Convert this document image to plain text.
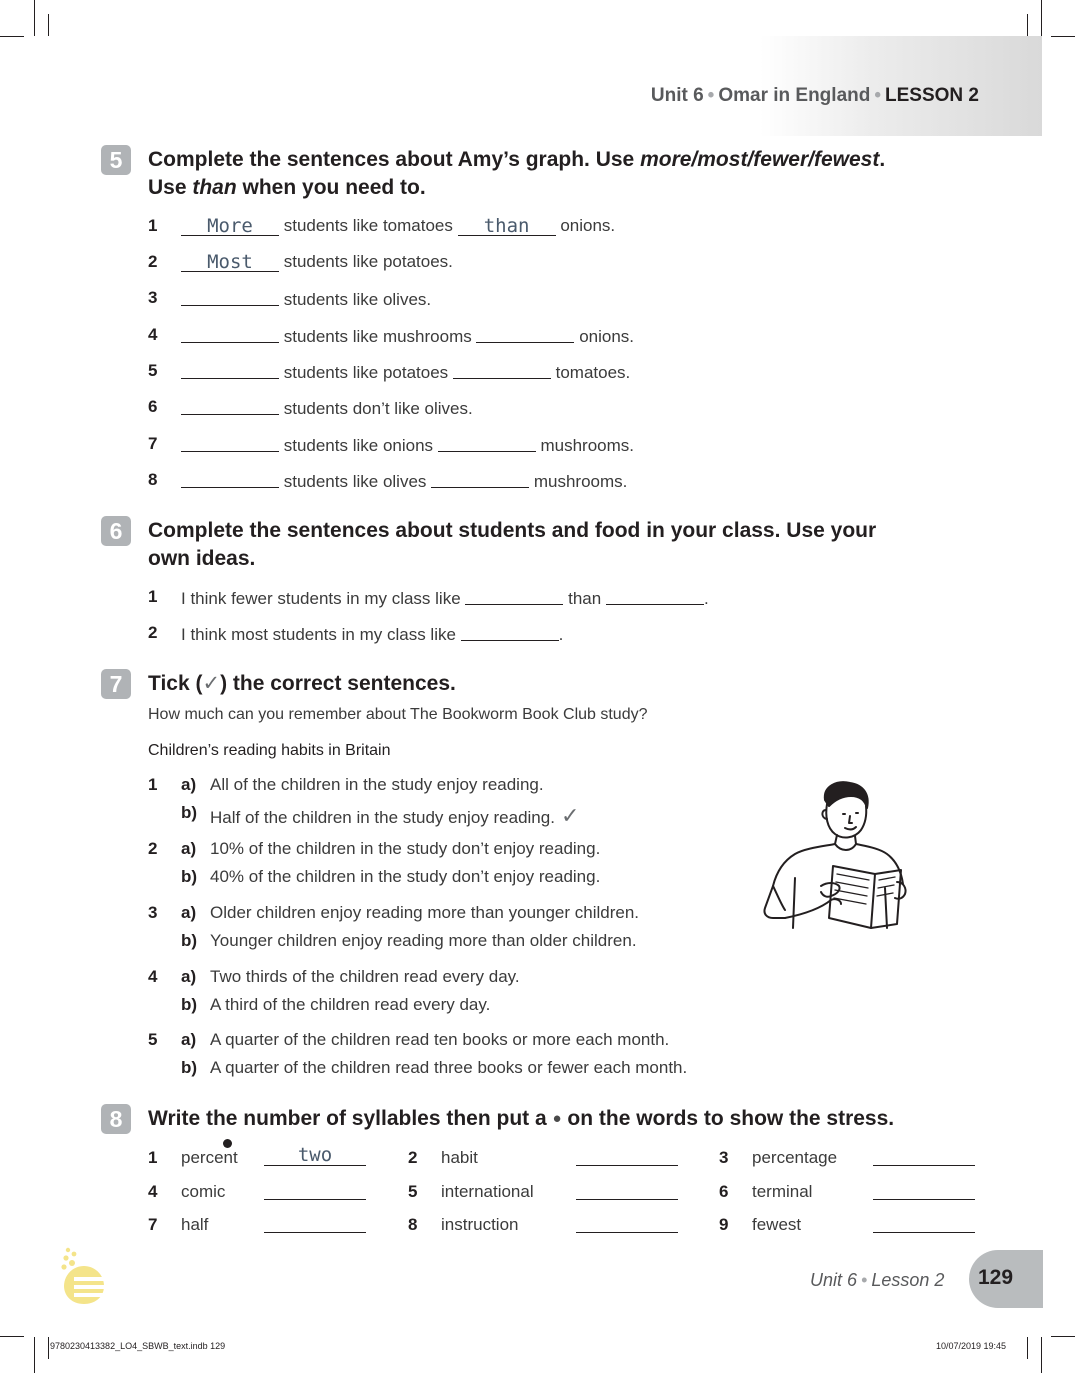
Unit 6 • Omar in England • LESSON 2
5	Complete the sentences about Amy’s graph. Use more/most/fewer/fewest.
Use than when you need to.
1	More students like tomatoes than onions.
2	Most students like potatoes.
3	students like olives.
4	students like mushrooms	onions.
5	students like potatoes	tomatoes.
6	students don’t like olives.
7	students like onions	mushrooms.
8	students like olives	mushrooms.
6	Complete the sentences about students and food in your class. Use your
own ideas.
1 I think fewer students in my class like	than	.
2 I think most students in my class like	.
7	Tick (✓) the correct sentences.
How much can you remember about The Bookworm Book Club study?
Children’s reading habits in Britain
1 a) All of the children in the study enjoy reading.
b) Half of the children in the study enjoy reading. ✓
2 a) 10% of the children in the study don’t enjoy reading.
b) 40% of the children in the study don’t enjoy reading.
3 a) Older children enjoy reading more than younger children.
b) Younger children enjoy reading more than older children.
4 a) Two thirds of the children read every day.
b) A third of the children read every day.
5 a) A quarter of the children read ten books or more each month.
b) A quarter of the children read three books or fewer each month.
8	Write the number of syllables then put a ● on the words to show the stress.
1 percent	two	2 habit	3 percentage
4 comic	5 international	6 terminal
7 half	8 instruction	9 fewest
Unit 6 • Lesson 2 129
9780230413382_LO4_SBWB_text.indb 129	10/07/2019 19:45
